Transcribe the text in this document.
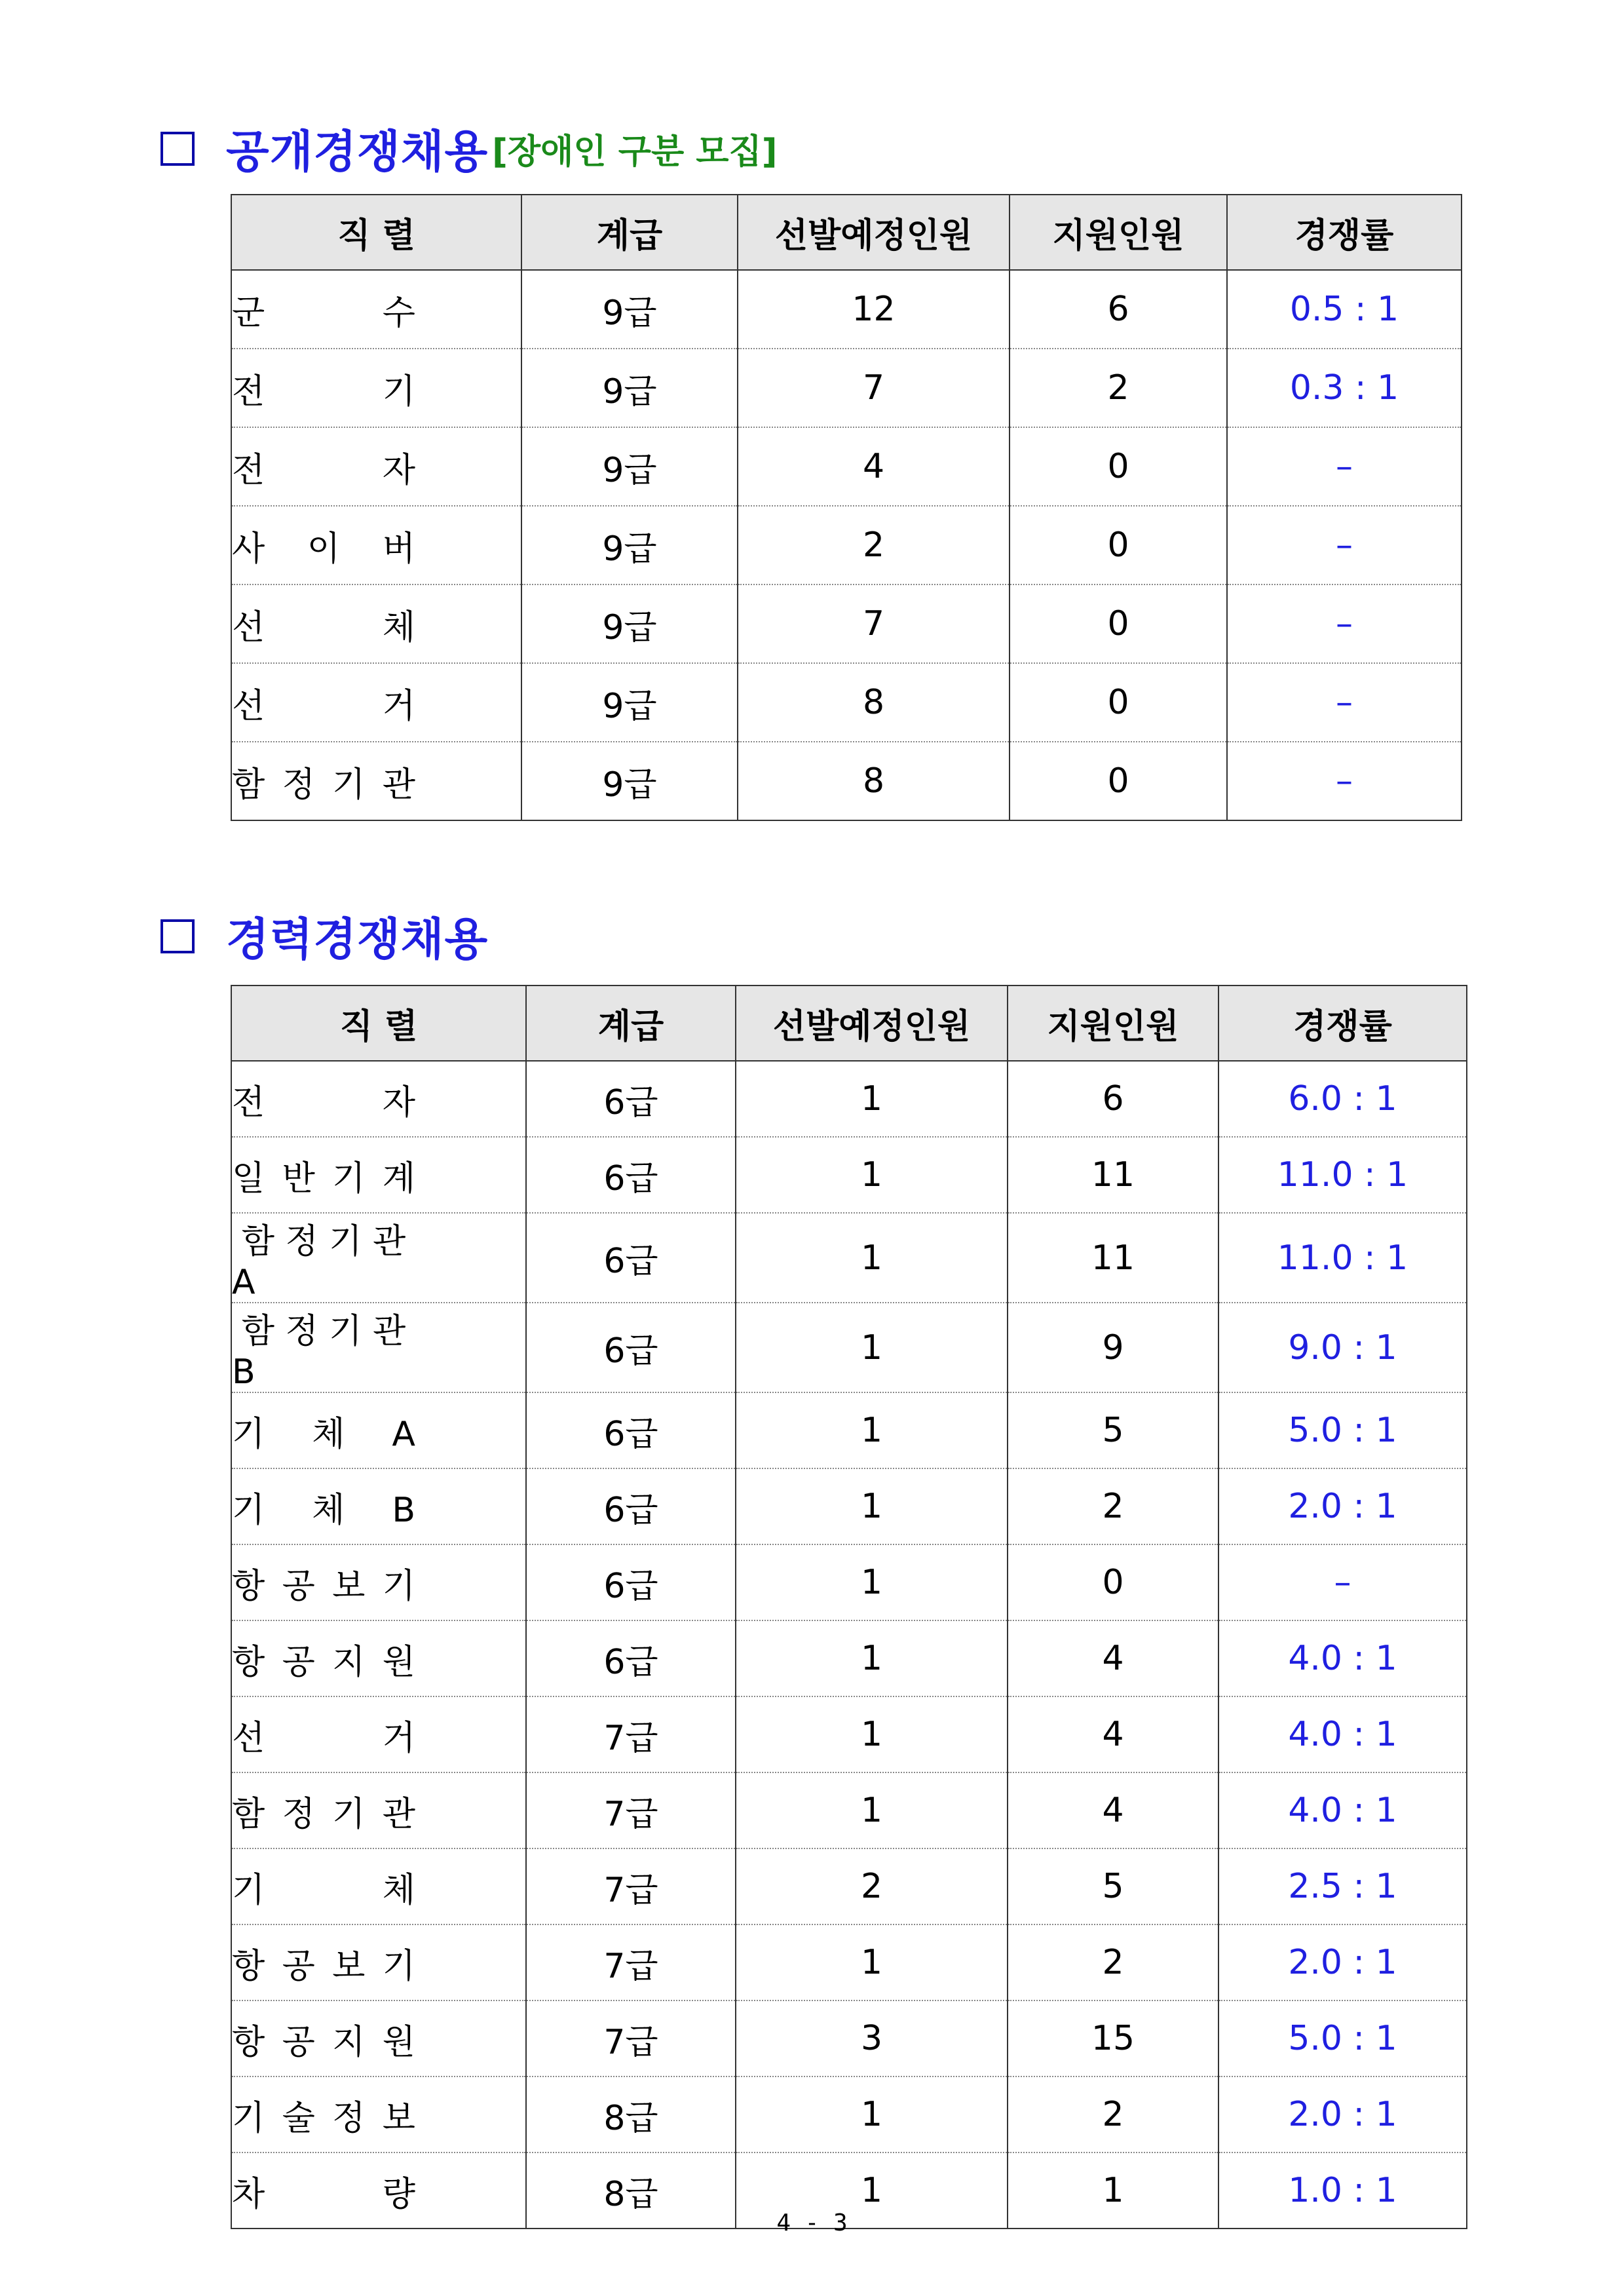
공개경쟁채용 [장애인 구분 모집]
직 렬	계급	선발예정인원	지원인원	경쟁률

군 수	9급	12	6	0.5 : 1

전 기	9급	7	2	0.3 : 1

전 자	9급	4	0	–

사 이 버	9급	2	0	–

선 체	9급	7	0	–

선 거	9급	8	0	–

함 정 기 관	9급	8	0	–
경력경쟁채용
직 렬	계급	선발예정인원	지원인원	경쟁률

전 자	6급	1	6	6.0 : 1

일 반 기 계	6급	1	11	11.0 : 1

함 정 기 관 A	6급	1	11	11.0 : 1

함 정 기 관 B	6급	1	9	9.0 : 1

기 체 A	6급	1	5	5.0 : 1

기 체 B	6급	1	2	2.0 : 1

항 공 보 기	6급	1	0	–

항 공 지 원	6급	1	4	4.0 : 1

선 거	7급	1	4	4.0 : 1

함 정 기 관	7급	1	4	4.0 : 1

기 체	7급	2	5	2.5 : 1

항 공 보 기	7급	1	2	2.0 : 1

항 공 지 원	7급	3	15	5.0 : 1

기 술 정 보	8급	1	2	2.0 : 1

차 량	8급	1	1	1.0 : 1
4 - 3
